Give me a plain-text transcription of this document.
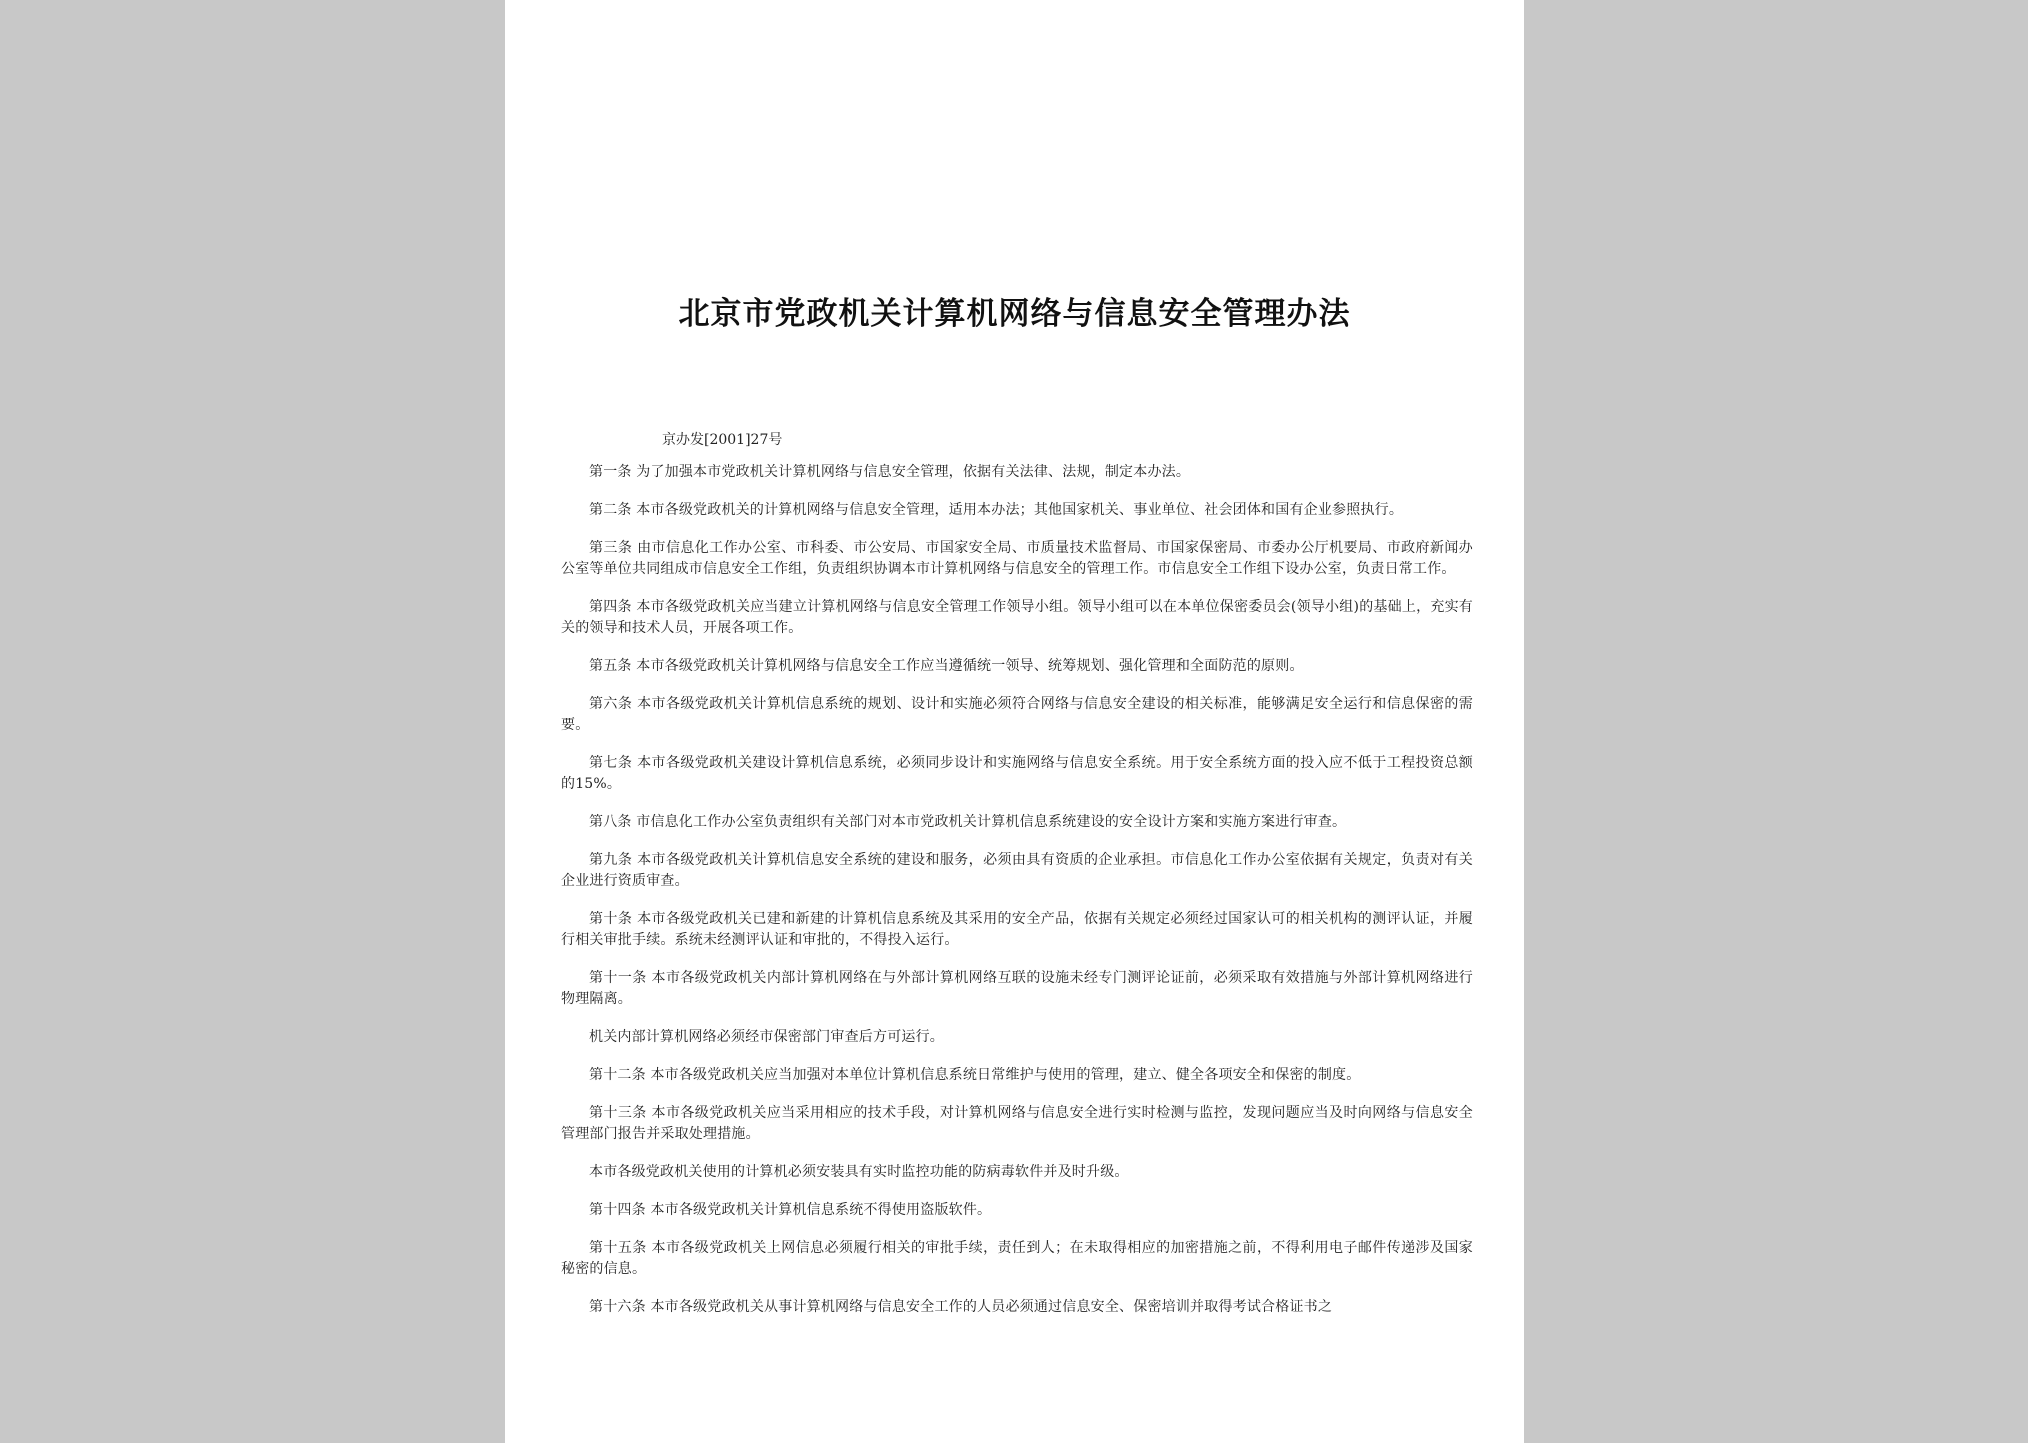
北京市党政机关计算机网络与信息安全管理办法
京办发[2001]27号

第一条 为了加强本市党政机关计算机网络与信息安全管理，依据有关法律、法规，制定本办法。

第二条 本市各级党政机关的计算机网络与信息安全管理，适用本办法；其他国家机关、事业单位、社会团体和国有企业参照执行。

第三条 由市信息化工作办公室、市科委、市公安局、市国家安全局、市质量技术监督局、市国家保密局、市委办公厅机要局、市政府新闻办公室等单位共同组成市信息安全工作组，负责组织协调本市计算机网络与信息安全的管理工作。市信息安全工作组下设办公室，负责日常工作。

第四条 本市各级党政机关应当建立计算机网络与信息安全管理工作领导小组。领导小组可以在本单位保密委员会(领导小组)的基础上，充实有关的领导和技术人员，开展各项工作。

第五条 本市各级党政机关计算机网络与信息安全工作应当遵循统一领导、统筹规划、强化管理和全面防范的原则。

第六条 本市各级党政机关计算机信息系统的规划、设计和实施必须符合网络与信息安全建设的相关标准，能够满足安全运行和信息保密的需要。

第七条 本市各级党政机关建设计算机信息系统，必须同步设计和实施网络与信息安全系统。用于安全系统方面的投入应不低于工程投资总额的15%。

第八条 市信息化工作办公室负责组织有关部门对本市党政机关计算机信息系统建设的安全设计方案和实施方案进行审查。

第九条 本市各级党政机关计算机信息安全系统的建设和服务，必须由具有资质的企业承担。市信息化工作办公室依据有关规定，负责对有关企业进行资质审查。

第十条 本市各级党政机关已建和新建的计算机信息系统及其采用的安全产品，依据有关规定必须经过国家认可的相关机构的测评认证，并履行相关审批手续。系统未经测评认证和审批的，不得投入运行。

第十一条 本市各级党政机关内部计算机网络在与外部计算机网络互联的设施未经专门测评论证前，必须采取有效措施与外部计算机网络进行物理隔离。

机关内部计算机网络必须经市保密部门审查后方可运行。

第十二条 本市各级党政机关应当加强对本单位计算机信息系统日常维护与使用的管理，建立、健全各项安全和保密的制度。

第十三条 本市各级党政机关应当采用相应的技术手段，对计算机网络与信息安全进行实时检测与监控，发现问题应当及时向网络与信息安全管理部门报告并采取处理措施。

本市各级党政机关使用的计算机必须安装具有实时监控功能的防病毒软件并及时升级。

第十四条 本市各级党政机关计算机信息系统不得使用盗版软件。

第十五条 本市各级党政机关上网信息必须履行相关的审批手续，责任到人；在未取得相应的加密措施之前，不得利用电子邮件传递涉及国家秘密的信息。

第十六条 本市各级党政机关从事计算机网络与信息安全工作的人员必须通过信息安全、保密培训并取得考试合格证书之
